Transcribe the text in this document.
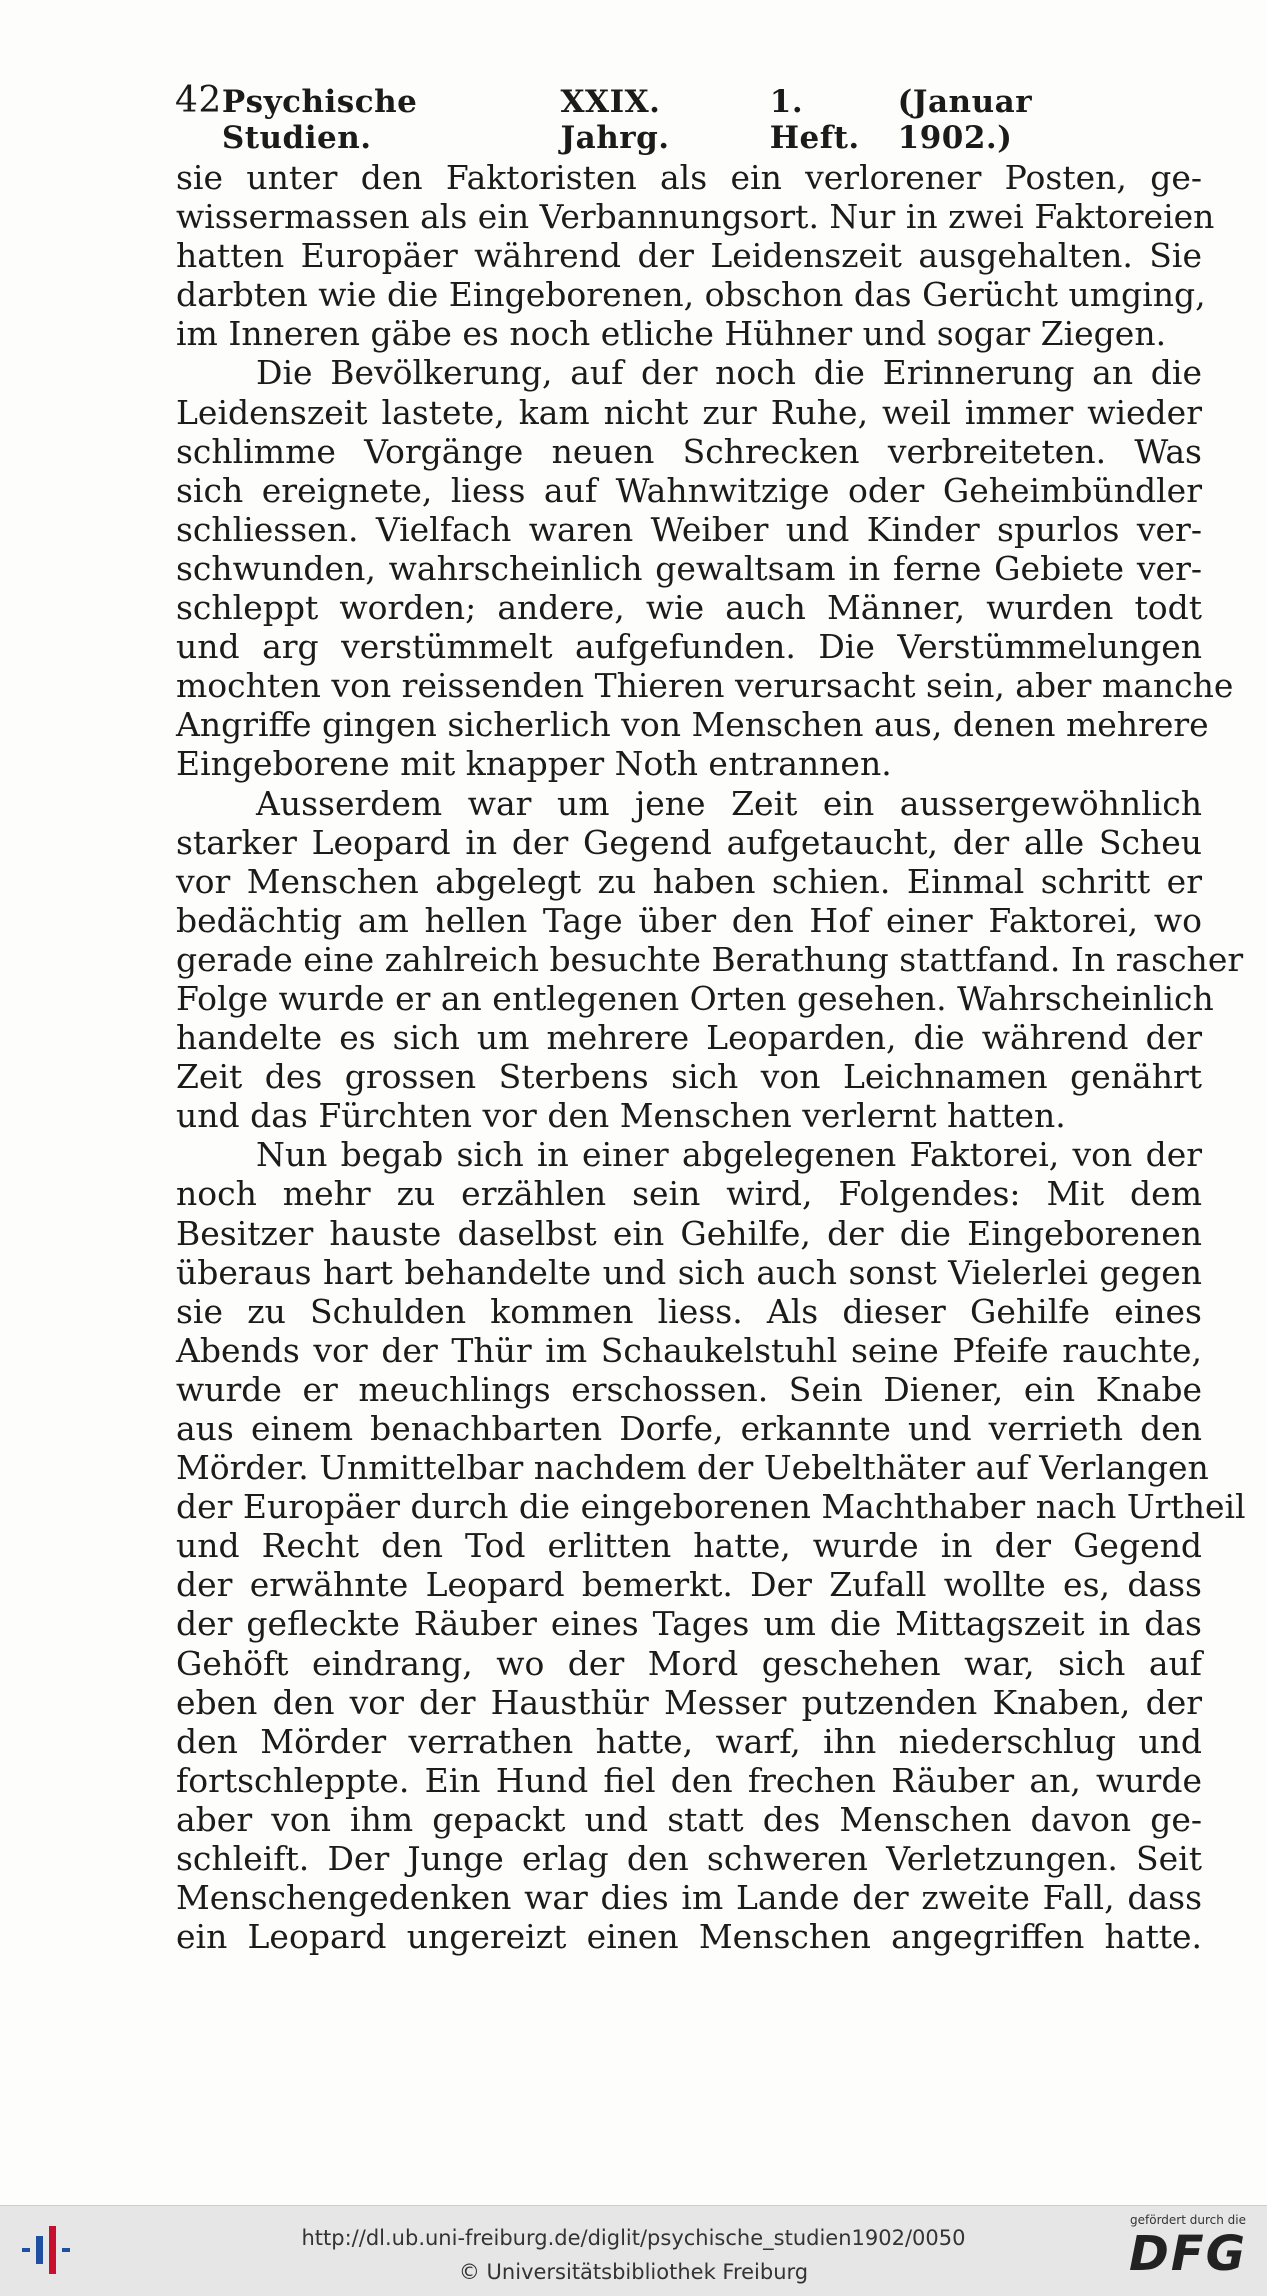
42 Psychische Studien.
XXIX. Jahrg.
1. Heft.
(Januar 1902.)
sie unter den Faktoristen als ein verlorener Posten, ge-
wissermassen als ein Verbannungsort. Nur in zwei Faktoreien
hatten Europäer während der Leidenszeit ausgehalten. Sie
darbten wie die Eingeborenen, obschon das Gerücht umging,
im Inneren gäbe es noch etliche Hühner und sogar Ziegen.
Die Bevölkerung, auf der noch die Erinnerung an die
Leidenszeit lastete, kam nicht zur Ruhe, weil immer wieder
schlimme Vorgänge neuen Schrecken verbreiteten. Was
sich ereignete, liess auf Wahnwitzige oder Geheimbündler
schliessen. Vielfach waren Weiber und Kinder spurlos ver-
schwunden, wahrscheinlich gewaltsam in ferne Gebiete ver-
schleppt worden; andere, wie auch Männer, wurden todt
und arg verstümmelt aufgefunden. Die Verstümmelungen
mochten von reissenden Thieren verursacht sein, aber manche
Angriffe gingen sicherlich von Menschen aus, denen mehrere
Eingeborene mit knapper Noth entrannen.
Ausserdem war um jene Zeit ein aussergewöhnlich
starker Leopard in der Gegend aufgetaucht, der alle Scheu
vor Menschen abgelegt zu haben schien. Einmal schritt er
bedächtig am hellen Tage über den Hof einer Faktorei, wo
gerade eine zahlreich besuchte Berathung stattfand. In rascher
Folge wurde er an entlegenen Orten gesehen. Wahrscheinlich
handelte es sich um mehrere Leoparden, die während der
Zeit des grossen Sterbens sich von Leichnamen genährt
und das Fürchten vor den Menschen verlernt hatten.
Nun begab sich in einer abgelegenen Faktorei, von der
noch mehr zu erzählen sein wird, Folgendes: Mit dem
Besitzer hauste daselbst ein Gehilfe, der die Eingeborenen
überaus hart behandelte und sich auch sonst Vielerlei gegen
sie zu Schulden kommen liess. Als dieser Gehilfe eines
Abends vor der Thür im Schaukelstuhl seine Pfeife rauchte,
wurde er meuchlings erschossen. Sein Diener, ein Knabe
aus einem benachbarten Dorfe, erkannte und verrieth den
Mörder. Unmittelbar nachdem der Uebelthäter auf Verlangen
der Europäer durch die eingeborenen Machthaber nach Urtheil
und Recht den Tod erlitten hatte, wurde in der Gegend
der erwähnte Leopard bemerkt. Der Zufall wollte es, dass
der gefleckte Räuber eines Tages um die Mittagszeit in das
Gehöft eindrang, wo der Mord geschehen war, sich auf
eben den vor der Hausthür Messer putzenden Knaben, der
den Mörder verrathen hatte, warf, ihn niederschlug und
fortschleppte. Ein Hund fiel den frechen Räuber an, wurde
aber von ihm gepackt und statt des Menschen davon ge-
schleift. Der Junge erlag den schweren Verletzungen. Seit
Menschengedenken war dies im Lande der zweite Fall, dass
ein Leopard ungereizt einen Menschen angegriffen hatte.
http://dl.ub.uni-freiburg.de/diglit/psychische_studien1902/0050
© Universitätsbibliothek Freiburg
gefördert durch die
DFG
